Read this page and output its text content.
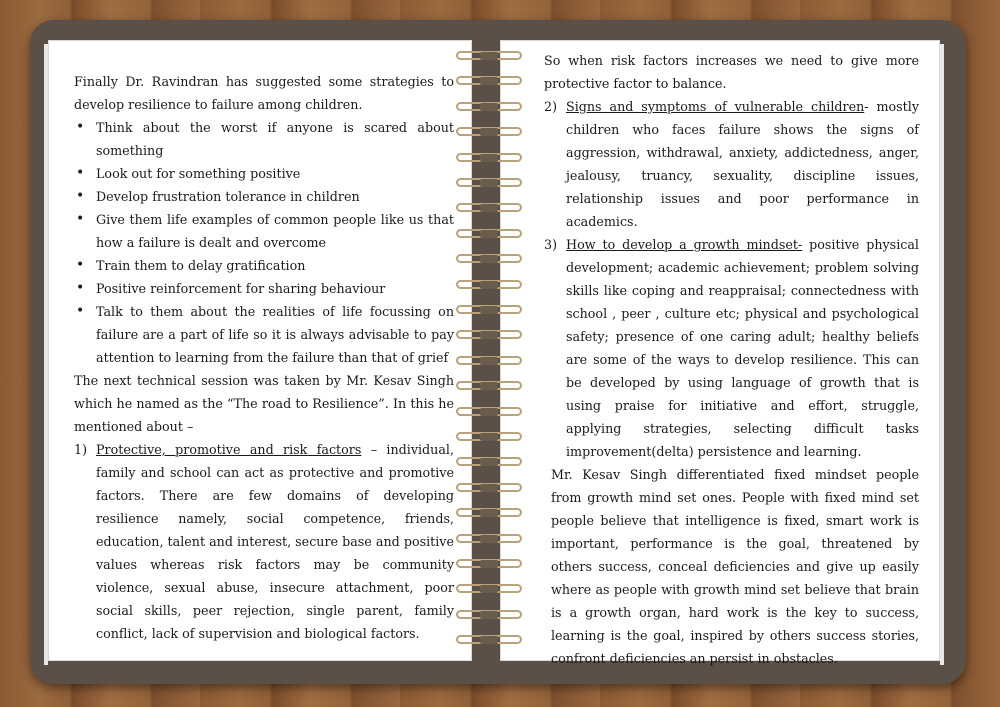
Finally Dr. Ravindran has suggested some strategies to develop resilience to failure among children.

• Think about the worst if anyone is scared about something
• Look out for something positive
• Develop frustration tolerance in children
• Give them life examples of common people like us that how a failure is dealt and overcome
• Train them to delay gratification
• Positive reinforcement for sharing behaviour
• Talk to them about the realities of life focussing on failure are a part of life so it is always advisable to pay attention to learning from the failure than that of grief

The next technical session was taken by Mr. Kesav Singh which he named as the “The road to Resilience”. In this he mentioned about –

1) Protective, promotive and risk factors – individual, family and school can act as protective and promotive factors. There are few domains of developing resilience namely, social competence, friends, education, talent and interest, secure base and positive values whereas risk factors may be community violence, sexual abuse, insecure attachment, poor social skills, peer rejection, single parent, family conflict, lack of supervision and biological factors.

So when risk factors increases we need to give more protective factor to balance.

2) Signs and symptoms of vulnerable children- mostly children who faces failure shows the signs of aggression, withdrawal, anxiety, addictedness, anger, jealousy, truancy, sexuality, discipline issues, relationship issues and poor performance in academics.
3) How to develop a growth mindset- positive physical development; academic achievement; problem solving skills like coping and reappraisal; connectedness with school , peer , culture etc; physical and psychological safety; presence of one caring adult; healthy beliefs are some of the ways to develop resilience. This can be developed by using language of growth that is using praise for initiative and effort, struggle, applying strategies, selecting difficult tasks improvement(delta) persistence and learning.

Mr. Kesav Singh differentiated fixed mindset people from growth mind set ones. People with fixed mind set people believe that intelligence is fixed, smart work is important, performance is the goal, threatened by others success, conceal deficiencies and give up easily where as people with growth mind set believe that brain is a growth organ, hard work is the key to success, learning is the goal, inspired by others success stories, confront deficiencies an persist in obstacles.
